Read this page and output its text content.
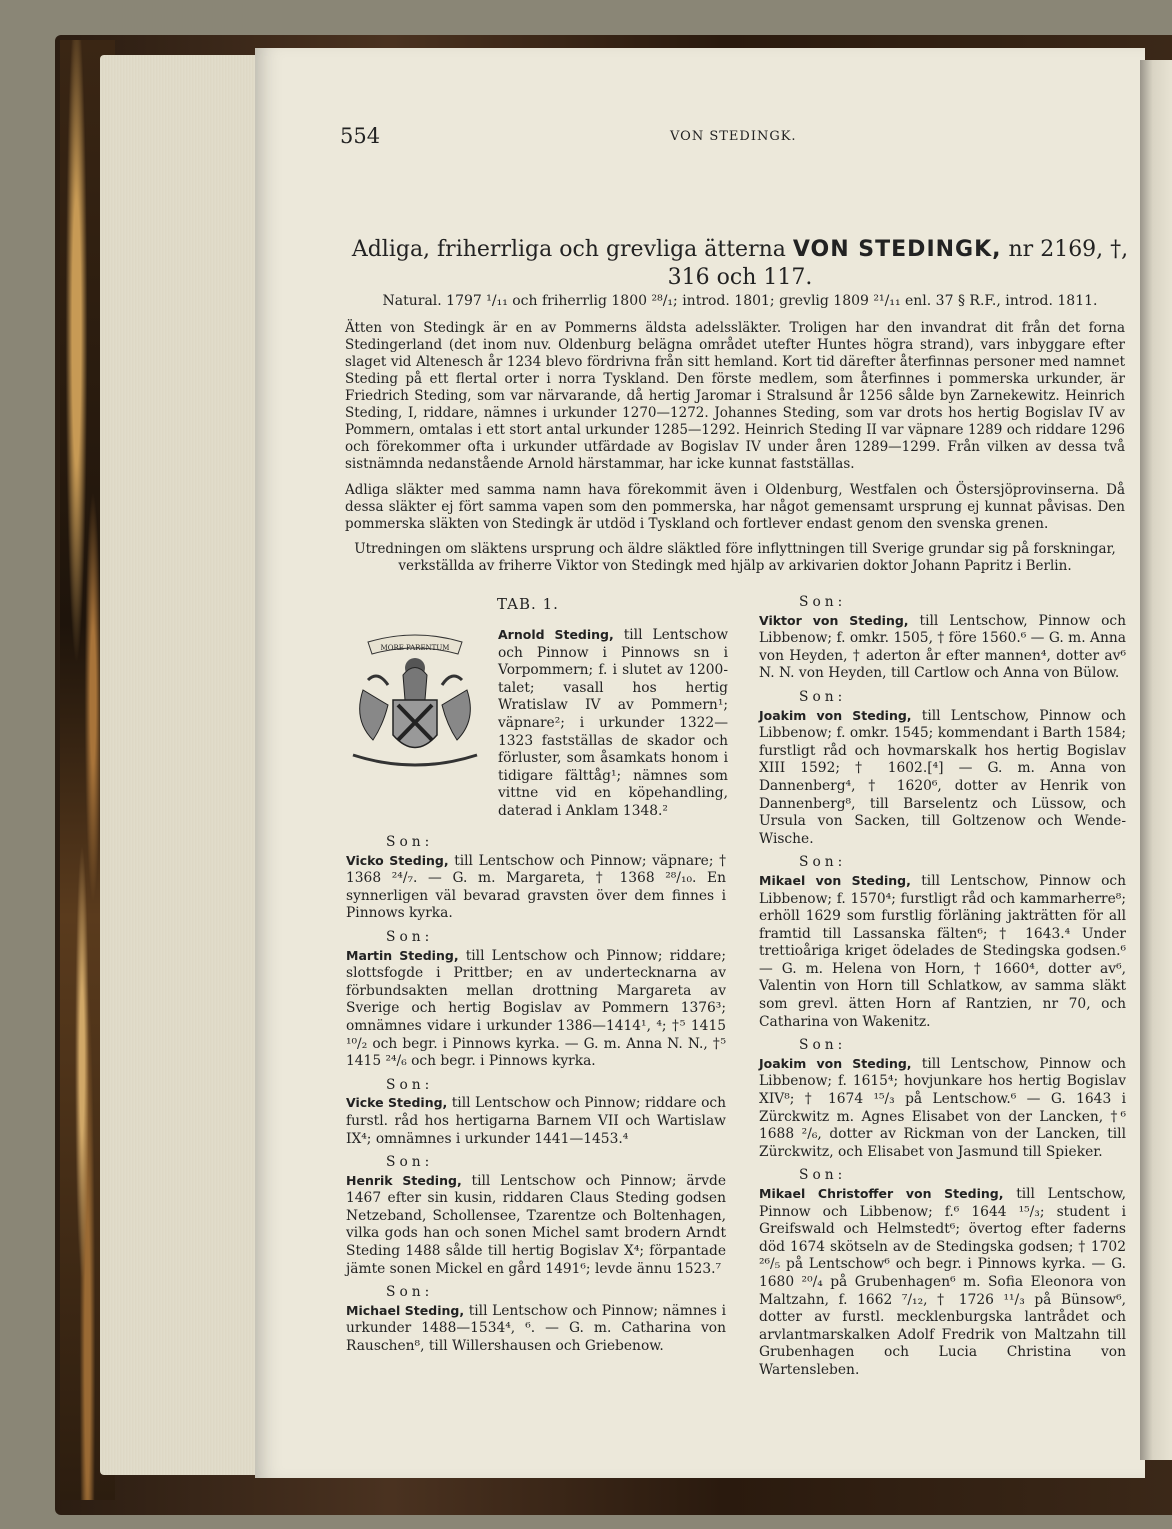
554	VON STEDINGK.
Adliga, friherrliga och grevliga ätterna VON STEDINGK, nr 2169, †,
316 och 117.
Natural. 1797 ¹/₁₁ och friherrlig 1800 ²⁸/₁; introd. 1801; grevlig 1809 ²¹/₁₁ enl. 37 § R.F., introd. 1811.
Ätten von Stedingk är en av Pommerns äldsta adelssläkter. Troligen har den invandrat dit från det forna Stedingerland (det inom nuv. Oldenburg belägna området utefter Huntes högra strand), vars inbyggare efter slaget vid Altenesch år 1234 blevo fördrivna från sitt hemland. Kort tid därefter återfinnas personer med namnet Steding på ett flertal orter i norra Tyskland. Den förste medlem, som återfinnes i pommerska urkunder, är Friedrich Steding, som var närvarande, då hertig Jaromar i Stralsund år 1256 sålde byn Zarnekewitz. Heinrich Steding, I, riddare, nämnes i urkunder 1270—1272. Johannes Steding, som var drots hos hertig Bogislav IV av Pommern, omtalas i ett stort antal urkunder 1285—1292. Heinrich Steding II var väpnare 1289 och riddare 1296 och förekommer ofta i urkunder utfärdade av Bogislav IV under åren 1289—1299. Från vilken av dessa två sistnämnda nedanstående Arnold härstammar, har icke kunnat fastställas.
Adliga släkter med samma namn hava förekommit även i Oldenburg, Westfalen och Östersjöprovinserna. Då dessa släkter ej fört samma vapen som den pommerska, har något gemensamt ursprung ej kunnat påvisas. Den pommerska släkten von Stedingk är utdöd i Tyskland och fortlever endast genom den svenska grenen.
Utredningen om släktens ursprung och äldre släktled före inflyttningen till Sverige grundar sig på forskningar, verkställda av friherre Viktor von Stedingk med hjälp av arkivarien doktor Johann Papritz i Berlin.
TAB. 1.
MORE PARENTUM
Arnold Steding, till Lentschow och Pinnow i Pinnows sn i Vorpommern; f. i slutet av 1200-talet; vasall hos hertig Wratislaw IV av Pommern¹; väpnare²; i urkunder 1322—1323 fastställas de skador och förluster, som åsamkats honom i tidigare fälttåg¹; nämnes som vittne vid en köpehandling, daterad i Anklam 1348.²
Son:

Vicko Steding, till Lentschow och Pinnow; väpnare; † 1368 ²⁴/₇. — G. m. Margareta, † 1368 ²⁸/₁₀. En synnerligen väl bevarad gravsten över dem finnes i Pinnows kyrka.

Son:

Martin Steding, till Lentschow och Pinnow; riddare; slottsfogde i Prittber; en av undertecknarna av förbundsakten mellan drottning Margareta av Sverige och hertig Bogislav av Pommern 1376³; omnämnes vidare i urkunder 1386—1414¹, ⁴; †⁵ 1415 ¹⁰/₂ och begr. i Pinnows kyrka. — G. m. Anna N. N., †⁵ 1415 ²⁴/₆ och begr. i Pinnows kyrka.

Son:

Vicke Steding, till Lentschow och Pinnow; riddare och furstl. råd hos hertigarna Barnem VII och Wartislaw IX⁴; omnämnes i urkunder 1441—1453.⁴

Son:

Henrik Steding, till Lentschow och Pinnow; ärvde 1467 efter sin kusin, riddaren Claus Steding godsen Netzeband, Schollensee, Tzarentze och Boltenhagen, vilka gods han och sonen Michel samt brodern Arndt Steding 1488 sålde till hertig Bogislav X⁴; förpantade jämte sonen Mickel en gård 1491⁶; levde ännu 1523.⁷

Son:

Michael Steding, till Lentschow och Pinnow; nämnes i urkunder 1488—1534⁴, ⁶. — G. m. Catharina von Rauschen⁸, till Willershausen och Griebenow.

Son:

Viktor von Steding, till Lentschow, Pinnow och Libbenow; f. omkr. 1505, † före 1560.⁶ — G. m. Anna von Heyden, † aderton år efter mannen⁴, dotter av⁶ N. N. von Heyden, till Cartlow och Anna von Bülow.

Son:

Joakim von Steding, till Lentschow, Pinnow och Libbenow; f. omkr. 1545; kommendant i Barth 1584; furstligt råd och hovmarskalk hos hertig Bogislav XIII 1592; † 1602.[⁴] — G. m. Anna von Dannenberg⁴, † 1620⁶, dotter av Henrik von Dannenberg⁸, till Barselentz och Lüssow, och Ursula von Sacken, till Goltzenow och Wende-Wische.

Son:

Mikael von Steding, till Lentschow, Pinnow och Libbenow; f. 1570⁴; furstligt råd och kammarherre⁸; erhöll 1629 som furstlig förläning jakträtten för all framtid till Lassanska fälten⁶; † 1643.⁴ Under trettioåriga kriget ödelades de Stedingska godsen.⁶ — G. m. Helena von Horn, † 1660⁴, dotter av⁶, Valentin von Horn till Schlatkow, av samma släkt som grevl. ätten Horn af Rantzien, nr 70, och Catharina von Wakenitz.

Son:

Joakim von Steding, till Lentschow, Pinnow och Libbenow; f. 1615⁴; hovjunkare hos hertig Bogislav XIV⁸; † 1674 ¹⁵/₃ på Lentschow.⁶ — G. 1643 i Zürckwitz m. Agnes Elisabet von der Lancken, †⁶ 1688 ²/₆, dotter av Rickman von der Lancken, till Zürckwitz, och Elisabet von Jasmund till Spieker.

Son:

Mikael Christoffer von Steding, till Lentschow, Pinnow och Libbenow; f.⁶ 1644 ¹⁵/₃; student i Greifswald och Helmstedt⁶; övertog efter faderns död 1674 skötseln av de Stedingska godsen; † 1702 ²⁶/₅ på Lentschow⁶ och begr. i Pinnows kyrka. — G. 1680 ²⁰/₄ på Grubenhagen⁶ m. Sofia Eleonora von Maltzahn, f. 1662 ⁷/₁₂, † 1726 ¹¹/₃ på Bünsow⁶, dotter av furstl. mecklenburgska lantrådet och arvlantmarskalken Adolf Fredrik von Maltzahn till Grubenhagen och Lucia Christina von Wartensleben.
